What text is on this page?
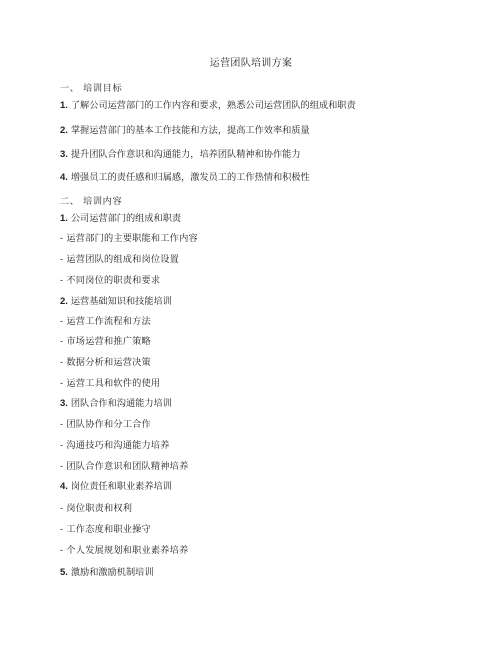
运营团队培训方案
一、 培训目标
1. 了解公司运营部门的工作内容和要求，熟悉公司运营团队的组成和职责
2. 掌握运营部门的基本工作技能和方法，提高工作效率和质量
3. 提升团队合作意识和沟通能力，培养团队精神和协作能力
4. 增强员工的责任感和归属感，激发员工的工作热情和积极性
二、 培训内容
1. 公司运营部门的组成和职责
- 运营部门的主要职能和工作内容
- 运营团队的组成和岗位设置
- 不同岗位的职责和要求
2. 运营基础知识和技能培训
- 运营工作流程和方法
- 市场运营和推广策略
- 数据分析和运营决策
- 运营工具和软件的使用
3. 团队合作和沟通能力培训
- 团队协作和分工合作
- 沟通技巧和沟通能力培养
- 团队合作意识和团队精神培养
4. 岗位责任和职业素养培训
- 岗位职责和权利
- 工作态度和职业操守
- 个人发展规划和职业素养培养
5. 激励和激励机制培训
